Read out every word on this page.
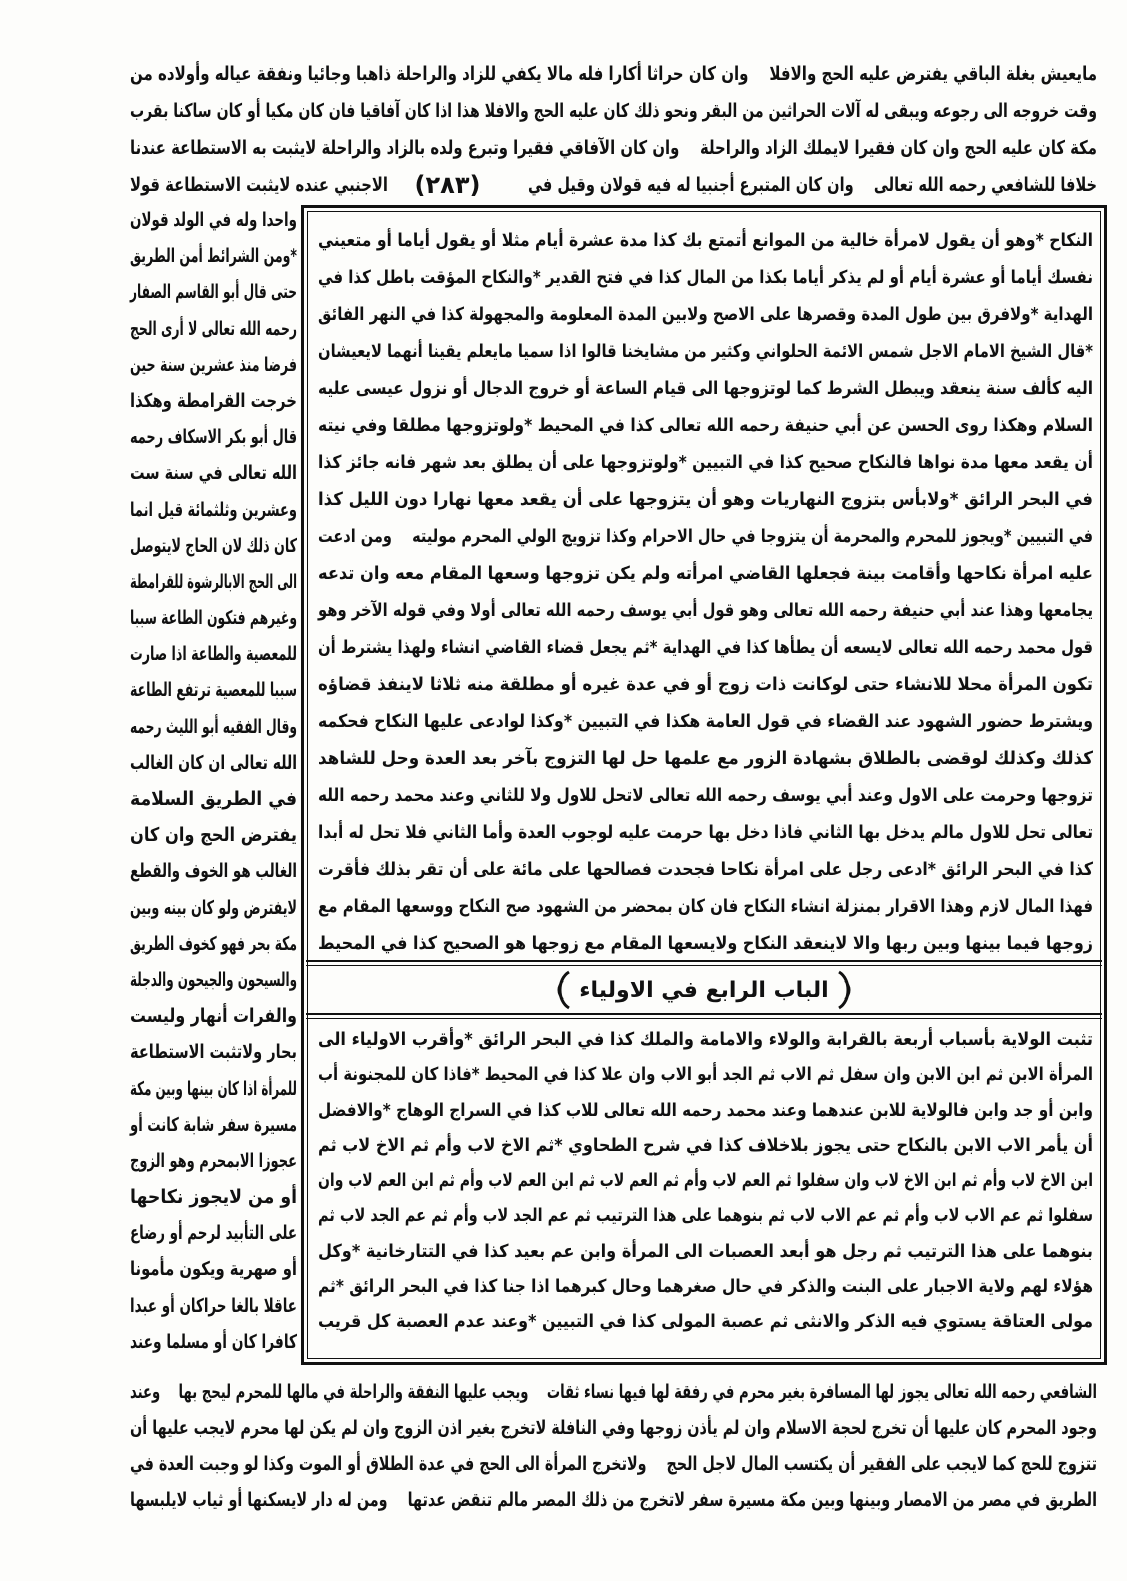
مايعيش بغلة الباقي يفترض عليه الحج والافلا    وان كان حراثا أكارا فله مالا يكفي للزاد والراحلة ذاهبا وجائيا ونفقة عياله وأولاده من
وقت خروجه الى رجوعه ويبقى له آلات الحراثين من البقر ونحو ذلك كان عليه الحج والافلا هذا اذا كان آفاقيا فان كان مكيا أو كان ساكنا بقرب
مكة كان عليه الحج وان كان فقيرا لايملك الزاد والراحلة    وان كان الآفاقي فقيرا وتبرع ولده بالزاد والراحلة لايثبت به الاستطاعة عندنا
خلافا للشافعي رحمه الله تعالى    وان كان المتبرع أجنبيا له فيه قولان وقيل في
(٢٨٣)
الاجنبي عنده لايثبت الاستطاعة قولا
واحدا وله في الولد قولان
*ومن الشرائط أمن الطريق
حتى قال أبو القاسم الصفار
رحمه الله تعالى لا أرى الحج
فرضا منذ عشرين سنة حين
خرجت القرامطة وهكذا
قال أبو بكر الاسكاف رحمه
الله تعالى في سنة ست
وعشرين وثلثمائة قيل انما
كان ذلك لان الحاج لايتوصل
الى الحج الابالرشوة للقرامطة
وغيرهم فتكون الطاعة سببا
للمعصية والطاعة اذا صارت
سببا للمعصية ترتفع الطاعة
وقال الفقيه أبو الليث رحمه
الله تعالى ان كان الغالب
في الطريق السلامة
يفترض الحج وان كان
الغالب هو الخوف والقطع
لايفترض ولو كان بينه وبين
مكة بحر فهو كخوف الطريق
والسيحون والجيحون والدجلة
والفرات أنهار وليست
بحار ولاتثبت الاستطاعة
للمرأة اذا كان بينها وبين مكة
مسيرة سفر شابة كانت أو
عجوزا الابمحرم وهو الزوج
أو من لايجوز نكاحها
على التأبيد لرحم أو رضاع
أو صهرية ويكون مأمونا
عاقلا بالغا حراكان أو عبدا
كافرا كان أو مسلما وعند
النكاح *وهو أن يقول لامرأة خالية من الموانع أتمتع بك كذا مدة عشرة أيام مثلا أو يقول أياما أو متعيني
نفسك أياما أو عشرة أيام أو لم يذكر أياما بكذا من المال كذا في فتح القدير *والنكاح المؤقت باطل كذا في
الهداية *ولافرق بين طول المدة وقصرها على الاصح ولابين المدة المعلومة والمجهولة كذا في النهر الفائق
*قال الشيخ الامام الاجل شمس الائمة الحلواني وكثير من مشايخنا قالوا اذا سميا مايعلم يقينا أنهما لايعيشان
اليه كألف سنة ينعقد ويبطل الشرط كما لوتزوجها الى قيام الساعة أو خروج الدجال أو نزول عيسى عليه
السلام وهكذا روى الحسن عن أبي حنيفة رحمه الله تعالى كذا في المحيط *ولوتزوجها مطلقا وفي نيته
أن يقعد معها مدة نواها فالنكاح صحيح كذا في التبيين *ولوتزوجها على أن يطلق بعد شهر فانه جائز كذا
في البحر الرائق *ولابأس بتزوج النهاريات وهو أن يتزوجها على أن يقعد معها نهارا دون الليل كذا
في التبيين *ويجوز للمحرم والمحرمة أن يتزوجا في حال الاحرام وكذا تزويج الولي المحرم موليته    ومن ادعت
عليه امرأة نكاحها وأقامت بينة فجعلها القاضي امرأته ولم يكن تزوجها وسعها المقام معه وان تدعه
يجامعها وهذا عند أبي حنيفة رحمه الله تعالى وهو قول أبي يوسف رحمه الله تعالى أولا وفي قوله الآخر وهو
قول محمد رحمه الله تعالى لايسعه أن يطأها كذا في الهداية *ثم يجعل قضاء القاضي انشاء ولهذا يشترط أن
تكون المرأة محلا للانشاء حتى لوكانت ذات زوج أو في عدة غيره أو مطلقة منه ثلاثا لاينفذ قضاؤه
ويشترط حضور الشهود عند القضاء في قول العامة هكذا في التبيين *وكذا لوادعى عليها النكاح فحكمه
كذلك وكذلك لوقضى بالطلاق بشهادة الزور مع علمها حل لها التزوج بآخر بعد العدة وحل للشاهد
تزوجها وحرمت على الاول وعند أبي يوسف رحمه الله تعالى لاتحل للاول ولا للثاني وعند محمد رحمه الله
تعالى تحل للاول مالم يدخل بها الثاني فاذا دخل بها حرمت عليه لوجوب العدة وأما الثاني فلا تحل له أبدا
كذا في البحر الرائق *ادعى رجل على امرأة نكاحا فجحدت فصالحها على مائة على أن تقر بذلك فأقرت
فهذا المال لازم وهذا الاقرار بمنزلة انشاء النكاح فان كان بمحضر من الشهود صح النكاح ووسعها المقام مع
زوجها فيما بينها وبين ربها والا لاينعقد النكاح ولايسعها المقام مع زوجها هو الصحيح كذا في المحيط
الباب الرابع في الاولياء
تثبت الولاية بأسباب أربعة بالقرابة والولاء والامامة والملك كذا في البحر الرائق *وأقرب الاولياء الى
المرأة الابن ثم ابن الابن وان سفل ثم الاب ثم الجد أبو الاب وان علا كذا في المحيط *فاذا كان للمجنونة أب
وابن أو جد وابن فالولاية للابن عندهما وعند محمد رحمه الله تعالى للاب كذا في السراج الوهاج *والافضل
أن يأمر الاب الابن بالنكاح حتى يجوز بلاخلاف كذا في شرح الطحاوي *ثم الاخ لاب وأم ثم الاخ لاب ثم
ابن الاخ لاب وأم ثم ابن الاخ لاب وان سفلوا ثم العم لاب وأم ثم العم لاب ثم ابن العم لاب وأم ثم ابن العم لاب وان
سفلوا ثم عم الاب لاب وأم ثم عم الاب لاب ثم بنوهما على هذا الترتيب ثم عم الجد لاب وأم ثم عم الجد لاب ثم
بنوهما على هذا الترتيب ثم رجل هو أبعد العصبات الى المرأة وابن عم بعيد كذا في التتارخانية *وكل
هؤلاء لهم ولاية الاجبار على البنت والذكر في حال صغرهما وحال كبرهما اذا جنا كذا في البحر الرائق *ثم
مولى العتاقة يستوي فيه الذكر والانثى ثم عصبة المولى كذا في التبيين *وعند عدم العصبة كل قريب
الشافعي رحمه الله تعالى يجوز لها المسافرة بغير محرم في رفقة لها فيها نساء ثقات    ويجب عليها النفقة والراحلة في مالها للمحرم ليحج بها    وعند
وجود المحرم كان عليها أن تخرج لحجة الاسلام وان لم يأذن زوجها وفي النافلة لاتخرج بغير اذن الزوج وان لم يكن لها محرم لايجب عليها أن
تتزوج للحج كما لايجب على الفقير أن يكتسب المال لاجل الحج    ولاتخرج المرأة الى الحج في عدة الطلاق أو الموت وكذا لو وجبت العدة في
الطريق في مصر من الامصار وبينها وبين مكة مسيرة سفر لاتخرج من ذلك المصر مالم تنقض عدتها    ومن له دار لايسكنها أو ثياب لايلبسها
